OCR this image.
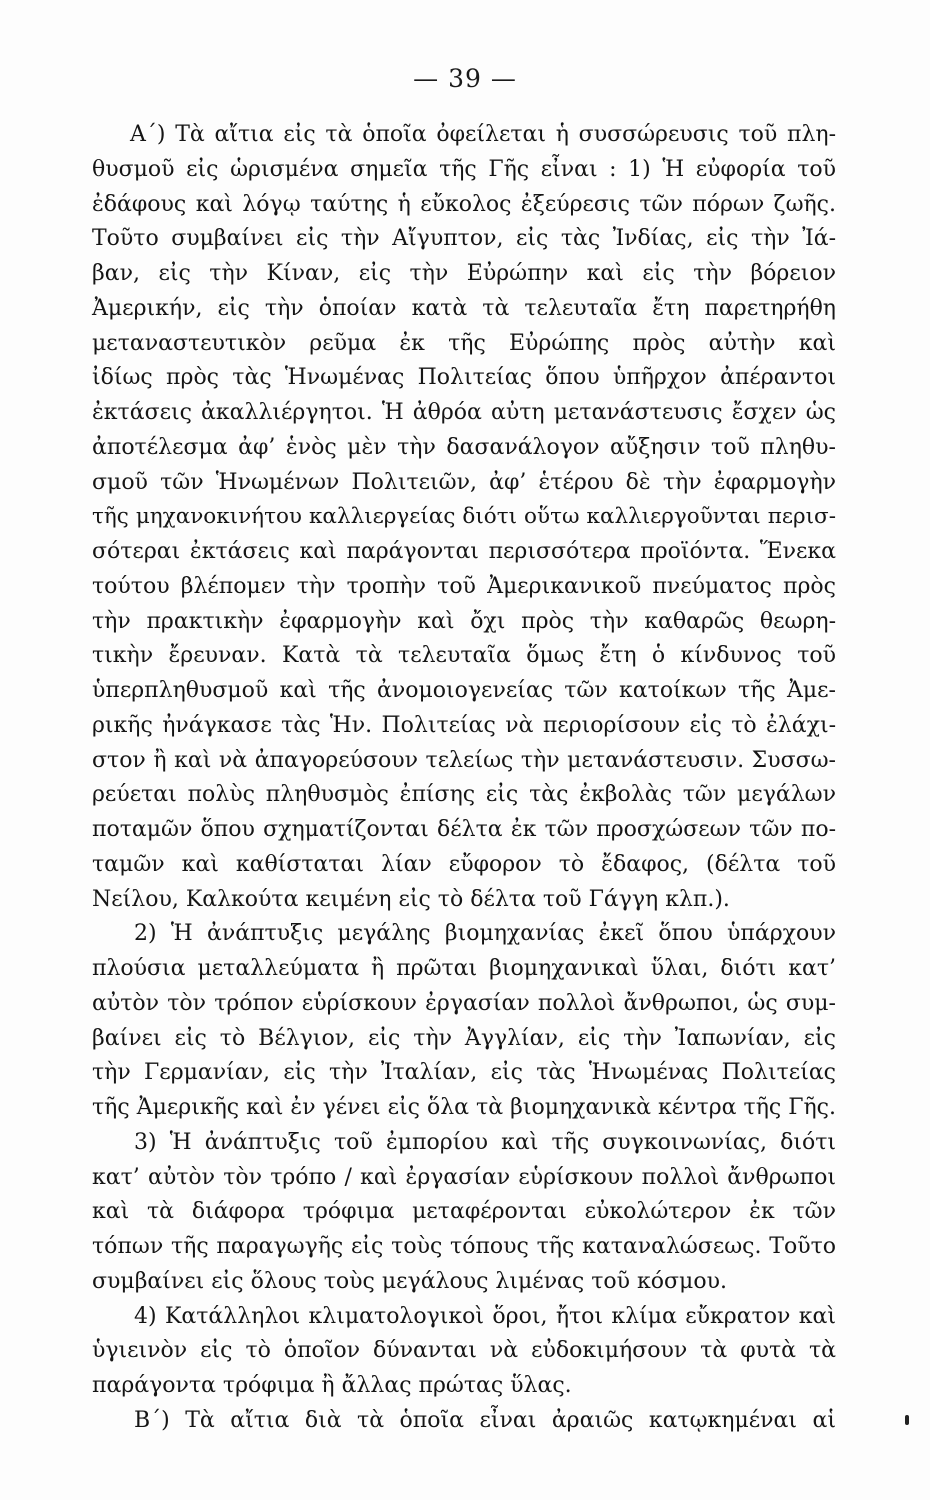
— 39 —
Α΄) Τὰ αἴτια εἰς τὰ ὁποῖα ὀφείλεται ἡ συσσώρευσις τοῦ πλη-
θυσμοῦ εἰς ὡρισμένα σημεῖα τῆς Γῆς εἶναι : 1) Ἡ εὐφορία τοῦ
ἐδάφους καὶ λόγῳ ταύτης ἡ εὔκολος ἐξεύρεσις τῶν πόρων ζωῆς.
Τοῦτο συμβαίνει εἰς τὴν Αἴγυπτον, εἰς τὰς Ἰνδίας, εἰς τὴν Ἰά-
βαν, εἰς τὴν Κίναν, εἰς τὴν Εὐρώπην καὶ εἰς τὴν βόρειον
Ἀμερικήν, εἰς τὴν ὁποίαν κατὰ τὰ τελευταῖα ἔτη παρετηρήθη
μεταναστευτικὸν ρεῦμα ἐκ τῆς Εὐρώπης πρὸς αὐτὴν καὶ
ἰδίως πρὸς τὰς Ἡνωμένας Πολιτείας ὅπου ὑπῆρχον ἀπέραντοι
ἐκτάσεις ἀκαλλιέργητοι. Ἡ ἀθρόα αὐτη μετανάστευσις ἔσχεν ὡς
ἀποτέλεσμα ἀφ’ ἑνὸς μὲν τὴν δασανάλογον αὔξησιν τοῦ πληθυ-
σμοῦ τῶν Ἡνωμένων Πολιτειῶν, ἀφ’ ἑτέρου δὲ τὴν ἐφαρμογὴν
τῆς μηχανοκινήτου καλλιεργείας διότι οὕτω καλλιεργοῦνται περισ-
σότεραι ἐκτάσεις καὶ παράγονται περισσότερα προϊόντα. Ἕνεκα
τούτου βλέπομεν τὴν τροπὴν τοῦ Ἀμερικανικοῦ πνεύματος πρὸς
τὴν πρακτικὴν ἐφαρμογὴν καὶ ὄχι πρὸς τὴν καθαρῶς θεωρη-
τικὴν ἔρευναν. Κατὰ τὰ τελευταῖα ὅμως ἔτη ὁ κίνδυνος τοῦ
ὑπερπληθυσμοῦ καὶ τῆς ἀνομοιογενείας τῶν κατοίκων τῆς Ἀμε-
ρικῆς ἠνάγκασε τὰς Ἡν. Πολιτείας νὰ περιορίσουν εἰς τὸ ἐλάχι-
στον ἢ καὶ νὰ ἀπαγορεύσουν τελείως τὴν μετανάστευσιν. Συσσω-
ρεύεται πολὺς πληθυσμὸς ἐπίσης εἰς τὰς ἐκβολὰς τῶν μεγάλων
ποταμῶν ὅπου σχηματίζονται δέλτα ἐκ τῶν προσχώσεων τῶν πο-
ταμῶν καὶ καθίσταται λίαν εὔφορον τὸ ἔδαφος, (δέλτα τοῦ
Νείλου, Καλκούτα κειμένη εἰς τὸ δέλτα τοῦ Γάγγη κλπ.).
2) Ἡ ἀνάπτυξις μεγάλης βιομηχανίας ἐκεῖ ὅπου ὑπάρχουν
πλούσια μεταλλεύματα ἢ πρῶται βιομηχανικαὶ ὕλαι, διότι κατ’
αὐτὸν τὸν τρόπον εὑρίσκουν ἐργασίαν πολλοὶ ἄνθρωποι, ὡς συμ-
βαίνει εἰς τὸ Βέλγιον, εἰς τὴν Ἀγγλίαν, εἰς τὴν Ἰαπωνίαν, εἰς
τὴν Γερμανίαν, εἰς τὴν Ἰταλίαν, εἰς τὰς Ἡνωμένας Πολιτείας
τῆς Ἀμερικῆς καὶ ἐν γένει εἰς ὅλα τὰ βιομηχανικὰ κέντρα τῆς Γῆς.
3) Ἡ ἀνάπτυξις τοῦ ἐμπορίου καὶ τῆς συγκοινωνίας, διότι
κατ’ αὐτὸν τὸν τρόπο / καὶ ἐργασίαν εὑρίσκουν πολλοὶ ἄνθρωποι
καὶ τὰ διάφορα τρόφιμα μεταφέρονται εὐκολώτερον ἐκ τῶν
τόπων τῆς παραγωγῆς εἰς τοὺς τόπους τῆς καταναλώσεως. Τοῦτο
συμβαίνει εἰς ὅλους τοὺς μεγάλους λιμένας τοῦ κόσμου.
4) Κατάλληλοι κλιματολογικοὶ ὅροι, ἤτοι κλίμα εὔκρατον καὶ
ὑγιεινὸν εἰς τὸ ὁποῖον δύνανται νὰ εὐδοκιμήσουν τὰ φυτὰ τὰ
παράγοντα τρόφιμα ἢ ἄλλας πρώτας ὕλας.
Β΄) Τὰ αἴτια διὰ τὰ ὁποῖα εἶναι ἀραιῶς κατῳκημέναι αἱ
